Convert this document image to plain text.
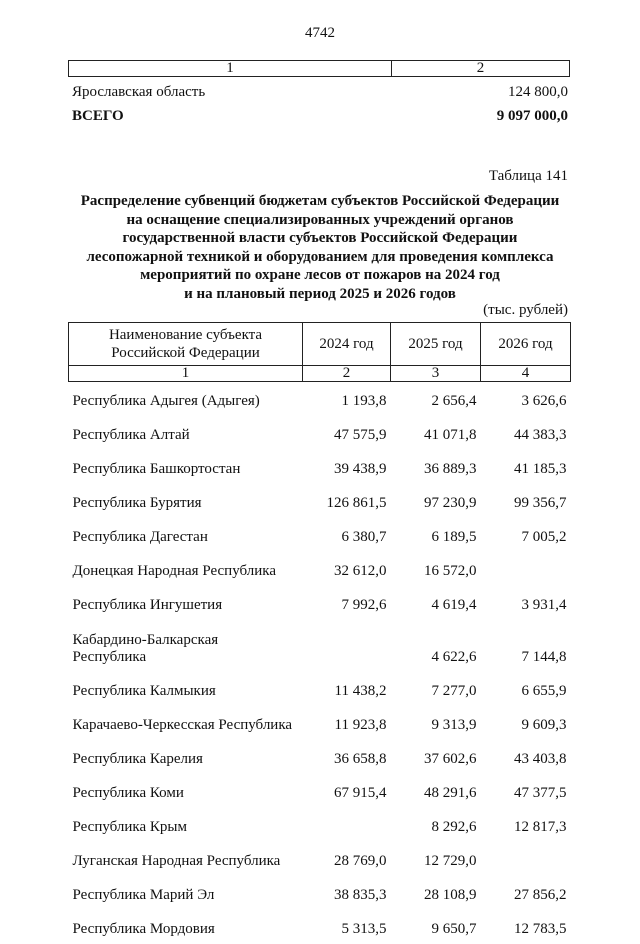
4742
1	2
Ярославская область	124 800,0
ВСЕГО	9 097 000,0
Таблица 141
Распределение субвенций бюджетам субъектов Российской Федерации
на оснащение специализированных учреждений органов
государственной власти субъектов Российской Федерации
лесопожарной техникой и оборудованием для проведения комплекса
мероприятий по охране лесов от пожаров на 2024 год
и на плановый период 2025 и 2026 годов
(тыс. рублей)
Наименование субъекта
Российской Федерации	2024 год	2025 год	2026 год
1	2	3	4

Республика Адыгея (Адыгея)	1 193,8	2 656,4	3 626,6

Республика Алтай	47 575,9	41 071,8	44 383,3

Республика Башкортостан	39 438,9	36 889,3	41 185,3

Республика Бурятия	126 861,5	97 230,9	99 356,7

Республика Дагестан	6 380,7	6 189,5	7 005,2

Донецкая Народная Республика	32 612,0	16 572,0	

Республика Ингушетия	7 992,6	4 619,4	3 931,4

Кабардино-Балкарская
Республика		4 622,6	7 144,8

Республика Калмыкия	11 438,2	7 277,0	6 655,9

Карачаево-Черкесская Республика	11 923,8	9 313,9	9 609,3

Республика Карелия	36 658,8	37 602,6	43 403,8

Республика Коми	67 915,4	48 291,6	47 377,5

Республика Крым		8 292,6	12 817,3

Луганская Народная Республика	28 769,0	12 729,0	

Республика Марий Эл	38 835,3	28 108,9	27 856,2

Республика Мордовия	5 313,5	9 650,7	12 783,5
